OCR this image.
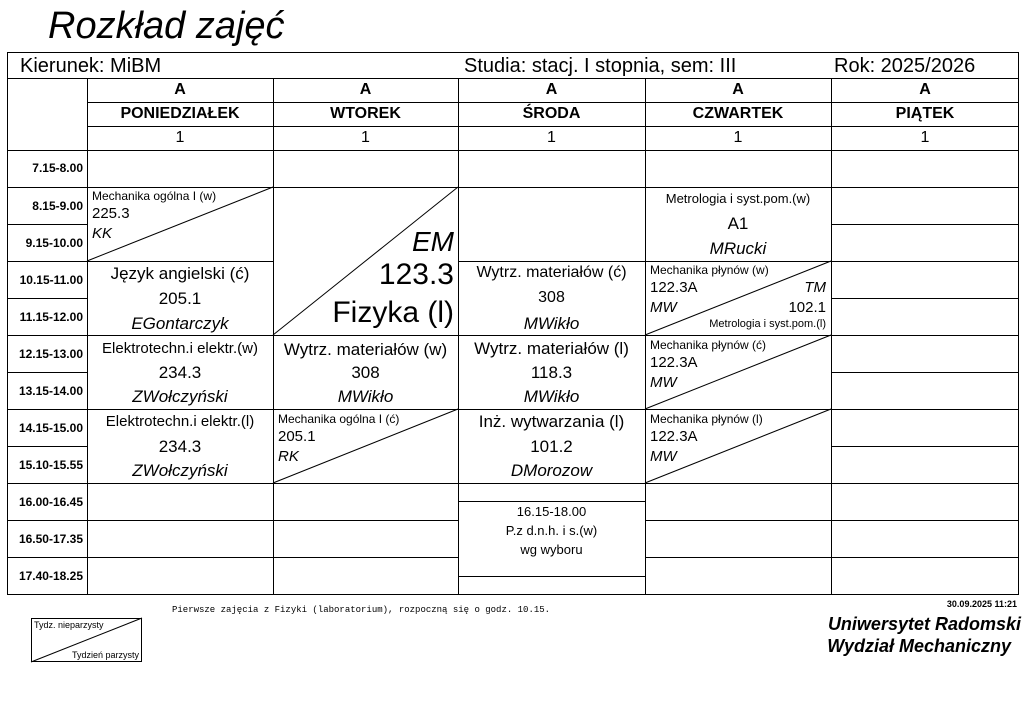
Rozkład zajęć
Kierunek: MiBM	Studia: stacj. I stopnia, sem: III	Rok: 2025/2026
A
PONIEDZIAŁEK
1
A
WTOREK
1
A
ŚRODA
1
A
CZWARTEK
1
A
PIĄTEK
1
7.15-8.00
8.15-9.00
9.15-10.00
10.15-11.00
11.15-12.00
12.15-13.00
13.15-14.00
14.15-15.00
15.10-15.55
16.00-16.45
16.50-17.35
17.40-18.25
Mechanika ogólna I (w)
225.3
KK
Język angielski (ć)
205.1
EGontarczyk
Elektrotechn.i elektr.(w)
234.3
ZWołczyński
Elektrotechn.i elektr.(l)
234.3
ZWołczyński
EM
123.3
Fizyka (l)
Wytrz. materiałów (w)
308
MWikło
Mechanika ogólna I (ć)
205.1
RK
Wytrz. materiałów (ć)
308
MWikło
Wytrz. materiałów (l)
118.3
MWikło
Inż. wytwarzania (l)
101.2
DMorozow
16.15-18.00
P.z d.n.h. i s.(w)
wg wyboru
Metrologia i syst.pom.(w)
A1
MRucki
Mechanika płynów (w)
122.3A
MW
TM
102.1
Metrologia i syst.pom.(l)
Mechanika płynów (ć)
122.3A
MW
Mechanika płynów (l)
122.3A
MW
Pierwsze zajęcia z Fizyki (laboratorium), rozpoczną się o godz. 10.15.
Tydz. nieparzysty
Tydzień parzysty
30.09.2025 11:21
Uniwersytet Radomski
Wydział Mechaniczny
